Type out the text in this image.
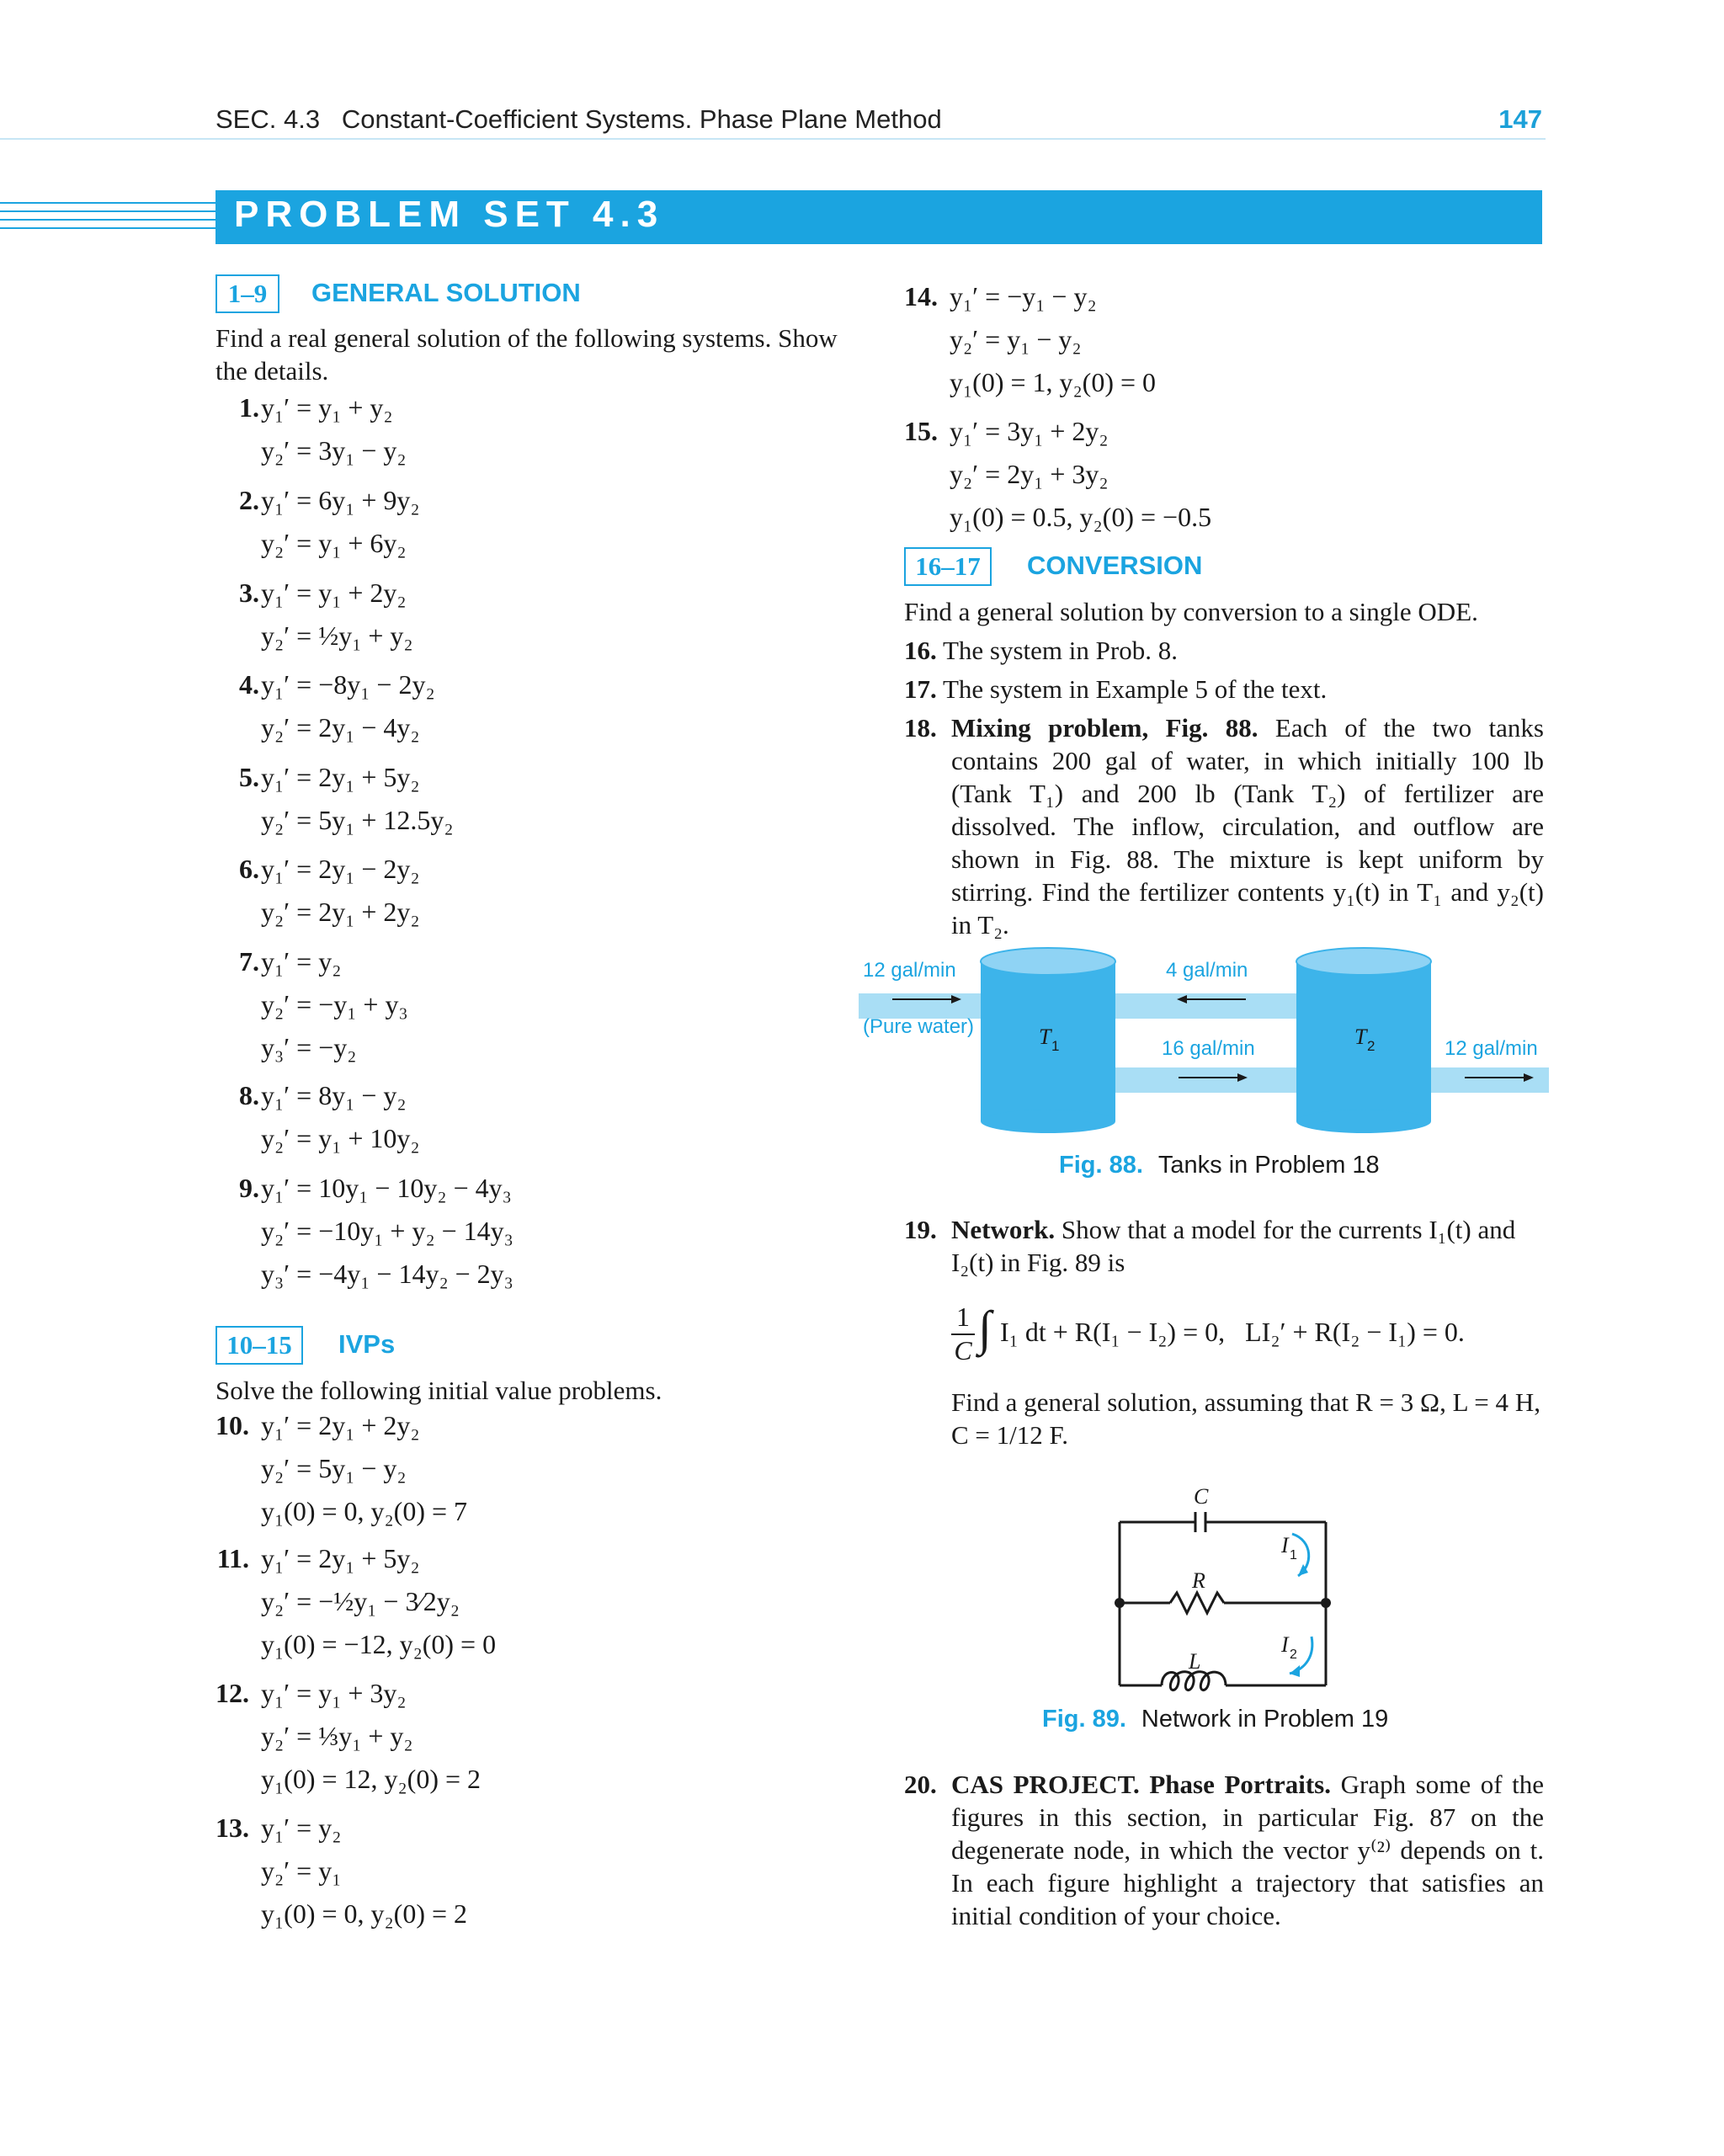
SEC. 4.3   Constant-Coefficient Systems. Phase Plane Method	147
PROBLEM SET 4.3
1–9	GENERAL SOLUTION
Find a real general solution of the following systems. Show the details.
1. y₁′ = y₁ + y₂
y₂′ = 3y₁ − y₂
2. y₁′ = 6y₁ + 9y₂
y₂′ = y₁ + 6y₂
3. y₁′ = y₁ + 2y₂
y₂′ = ½y₁ + y₂
4. y₁′ = −8y₁ − 2y₂
y₂′ = 2y₁ − 4y₂
5. y₁′ = 2y₁ + 5y₂
y₂′ = 5y₁ + 12.5y₂
6. y₁′ = 2y₁ − 2y₂
y₂′ = 2y₁ + 2y₂
7. y₁′ = y₂
y₂′ = −y₁ + y₃
y₃′ = −y₂
8. y₁′ = 8y₁ − y₂
y₂′ = y₁ + 10y₂
9. y₁′ = 10y₁ − 10y₂ − 4y₃
y₂′ = −10y₁ + y₂ − 14y₃
y₃′ = −4y₁ − 14y₂ − 2y₃
10. y₁′ = 2y₁ + 2y₂
y₂′ = 5y₁ − y₂
y₁(0) = 0, y₂(0) = 7
11. y₁′ = 2y₁ + 5y₂
y₂′ = −½y₁ − 3⁄2y₂
y₁(0) = −12, y₂(0) = 0
12. y₁′ = y₁ + 3y₂
y₂′ = ⅓y₁ + y₂
y₁(0) = 12, y₂(0) = 2
13. y₁′ = y₂
y₂′ = y₁
y₁(0) = 0, y₂(0) = 2
10–15	IVPs
Solve the following initial value problems.
14. y₁′ = −y₁ − y₂
y₂′ = y₁ − y₂
y₁(0) = 1, y₂(0) = 0
15. y₁′ = 3y₁ + 2y₂
y₂′ = 2y₁ + 3y₂
y₁(0) = 0.5, y₂(0) = −0.5
16–17	CONVERSION
Find a general solution by conversion to a single ODE.
16. The system in Prob. 8.
17. The system in Example 5 of the text.
18. Mixing problem, Fig. 88. Each of the two tanks contains 200 gal of water, in which initially 100 lb (Tank T₁) and 200 lb (Tank T₂) of fertilizer are dissolved. The inflow, circulation, and outflow are shown in Fig. 88. The mixture is kept uniform by stirring. Find the fertilizer contents y₁(t) in T₁ and y₂(t) in T₂.
12 gal/min
(Pure water)
4 gal/min
16 gal/min	12 gal/min
T 1	T 2
Fig. 88. Tanks in Problem 18
19. Network. Show that a model for the currents I₁(t) and I₂(t) in Fig. 89 is
1
C ∫ I₁ dt + R(I₁ − I₂) = 0,   LI₂′ + R(I₂ − I₁) = 0.
Find a general solution, assuming that R = 3 Ω, L = 4 H, C = 1/12 F.
C
R
L
I 1
I 2
Fig. 89. Network in Problem 19
20. CAS PROJECT. Phase Portraits. Graph some of the figures in this section, in particular Fig. 87 on the degenerate node, in which the vector y⁽²⁾ depends on t. In each figure highlight a trajectory that satisfies an initial condition of your choice.
